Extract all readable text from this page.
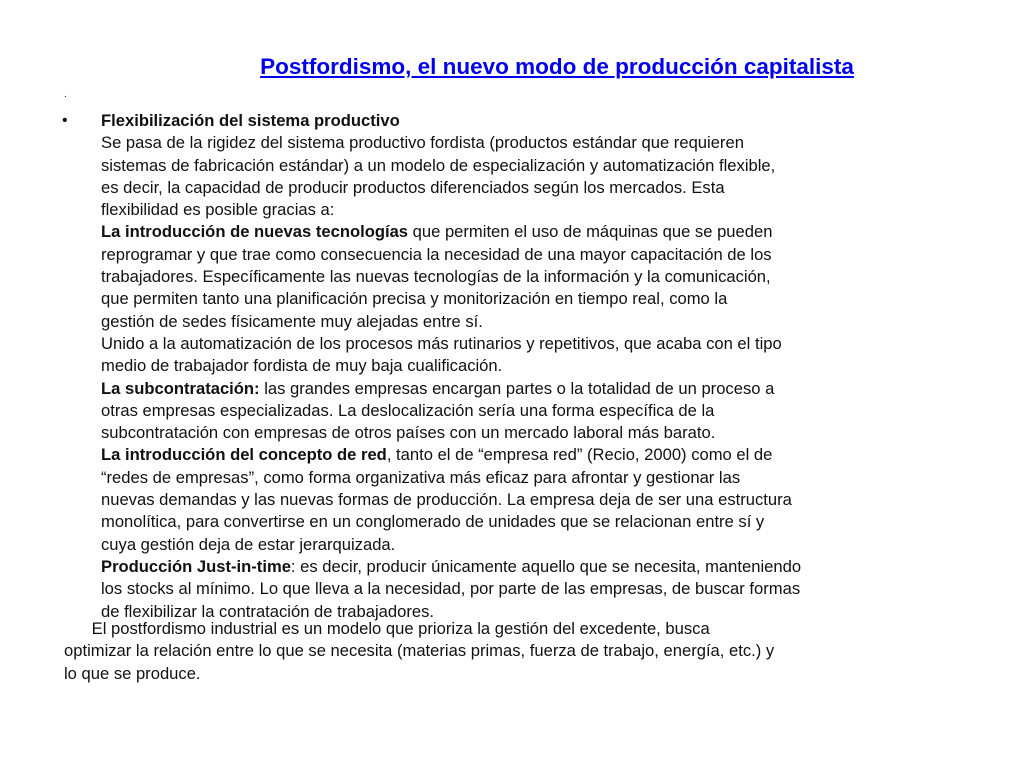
Postfordismo, el nuevo modo de producción capitalista
.
• Flexibilización del sistema productivo
Se pasa de la rigidez del sistema productivo fordista (productos estándar que requieren
sistemas de fabricación estándar) a un modelo de especialización y automatización flexible,
es decir, la capacidad de producir productos diferenciados según los mercados. Esta
flexibilidad es posible gracias a:
La introducción de nuevas tecnologías que permiten el uso de máquinas que se pueden
reprogramar y que trae como consecuencia la necesidad de una mayor capacitación de los
trabajadores. Específicamente las nuevas tecnologías de la información y la comunicación,
que permiten tanto una planificación precisa y monitorización en tiempo real, como la
gestión de sedes físicamente muy alejadas entre sí.
Unido a la automatización de los procesos más rutinarios y repetitivos, que acaba con el tipo
medio de trabajador fordista de muy baja cualificación.
La subcontratación: las grandes empresas encargan partes o la totalidad de un proceso a
otras empresas especializadas. La deslocalización sería una forma específica de la
subcontratación con empresas de otros países con un mercado laboral más barato.
La introducción del concepto de red, tanto el de “empresa red” (Recio, 2000) como el de
“redes de empresas”, como forma organizativa más eficaz para afrontar y gestionar las
nuevas demandas y las nuevas formas de producción. La empresa deja de ser una estructura
monolítica, para convertirse en un conglomerado de unidades que se relacionan entre sí y
cuya gestión deja de estar jerarquizada.
Producción Just-in-time: es decir, producir únicamente aquello que se necesita, manteniendo
los stocks al mínimo. Lo que lleva a la necesidad, por parte de las empresas, de buscar formas
de flexibilizar la contratación de trabajadores.
El postfordismo industrial es un modelo que prioriza la gestión del excedente, busca
optimizar la relación entre lo que se necesita (materias primas, fuerza de trabajo, energía, etc.) y
lo que se produce.
